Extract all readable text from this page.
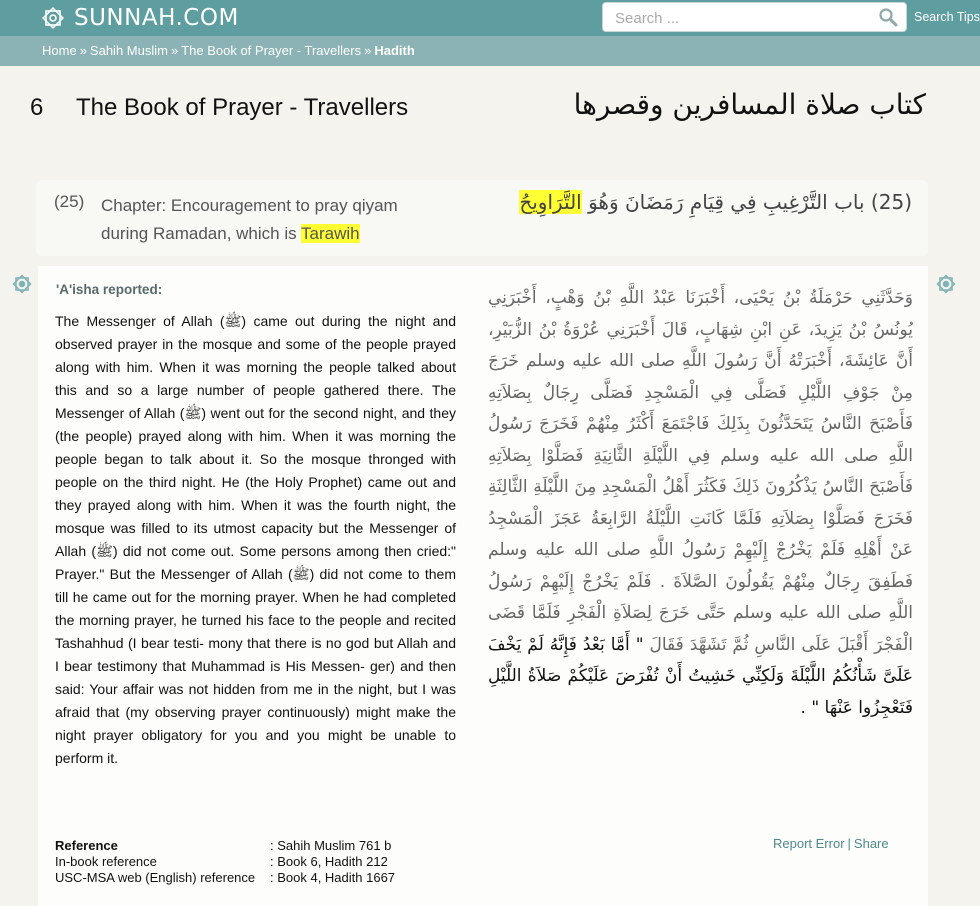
SUNNAH.COM
Search ...	Search Tips
Home » Sahih Muslim » The Book of Prayer - Travellers » Hadith
6 The Book of Prayer - Travellers	كتاب صلاة المسافرين وقصرها
(25) Chapter: Encouragement to pray qiyam during Ramadan, which is Tarawih
(25) باب التَّرْغِيبِ فِي قِيَامِ رَمَضَانَ وَهُوَ التَّرَاوِيحُ
'A'isha reported:

The Messenger of Allah (ﷺ) came out during the night and observed prayer in the mosque and some of the people prayed along with him. When it was morning the people talked about this and so a large number of people gathered there. The Messenger of Allah (ﷺ) went out for the second night, and they (the people) prayed along with him. When it was morning the people began to talk about it. So the mosque thronged with people on the third night. He (the Holy Prophet) came out and they prayed along with him. When it was the fourth night, the mosque was filled to its utmost capacity but the Messenger of Allah (ﷺ) did not come out. Some persons among then cried:" Prayer." But the Messenger of Allah (ﷺ) did not come to them till he came out for the morning prayer. When he had completed the morning prayer, he turned his face to the people and recited Tashahhud (I bear testi- mony that there is no god but Allah and I bear testimony that Muhammad is His Messen- ger) and then said: Your affair was not hidden from me in the night, but I was afraid that (my observing prayer continuously) might make the night prayer obligatory for you and you might be unable to perform it.

وَحَدَّثَنِي حَرْمَلَةُ بْنُ يَحْيَى، أَخْبَرَنَا عَبْدُ اللَّهِ بْنُ وَهْبٍ، أَخْبَرَنِي يُونُسُ بْنُ يَزِيدَ، عَنِ ابْنِ شِهَابٍ، قَالَ أَخْبَرَنِي عُرْوَةُ بْنُ الزُّبَيْرِ، أَنَّ عَائِشَةَ، أَخْبَرَتْهُ أَنَّ رَسُولَ اللَّهِ صلى الله عليه وسلم خَرَجَ مِنْ جَوْفِ اللَّيْلِ فَصَلَّى فِي الْمَسْجِدِ فَصَلَّى رِجَالٌ بِصَلاَتِهِ فَأَصْبَحَ النَّاسُ يَتَحَدَّثُونَ بِذَلِكَ فَاجْتَمَعَ أَكْثَرُ مِنْهُمْ فَخَرَجَ رَسُولُ اللَّهِ صلى الله عليه وسلم فِي اللَّيْلَةِ الثَّانِيَةِ فَصَلَّوْا بِصَلاَتِهِ فَأَصْبَحَ النَّاسُ يَذْكُرُونَ ذَلِكَ فَكَثُرَ أَهْلُ الْمَسْجِدِ مِنَ اللَّيْلَةِ الثَّالِثَةِ فَخَرَجَ فَصَلَّوْا بِصَلاَتِهِ فَلَمَّا كَانَتِ اللَّيْلَةُ الرَّابِعَةُ عَجَزَ الْمَسْجِدُ عَنْ أَهْلِهِ فَلَمْ يَخْرُجْ إِلَيْهِمْ رَسُولُ اللَّهِ صلى الله عليه وسلم فَطَفِقَ رِجَالٌ مِنْهُمْ يَقُولُونَ الصَّلاَةَ ‏.‏ فَلَمْ يَخْرُجْ إِلَيْهِمْ رَسُولُ اللَّهِ صلى الله عليه وسلم حَتَّى خَرَجَ لِصَلاَةِ الْفَجْرِ فَلَمَّا قَضَى الْفَجْرَ أَقْبَلَ عَلَى النَّاسِ ثُمَّ تَشَهَّدَ فَقَالَ " أَمَّا بَعْدُ فَإِنَّهُ لَمْ يَخْفَ عَلَىَّ شَأْنُكُمُ اللَّيْلَةَ وَلَكِنِّي خَشِيتُ أَنْ تُفْرَضَ عَلَيْكُمْ صَلاَةُ اللَّيْلِ فَتَعْجِزُوا عَنْهَا " ‏.‏

Report Error | Share
Reference	: Sahih Muslim 761 b
In-book reference	: Book 6, Hadith 212
USC-MSA web (English) reference : Book 4, Hadith 1667
